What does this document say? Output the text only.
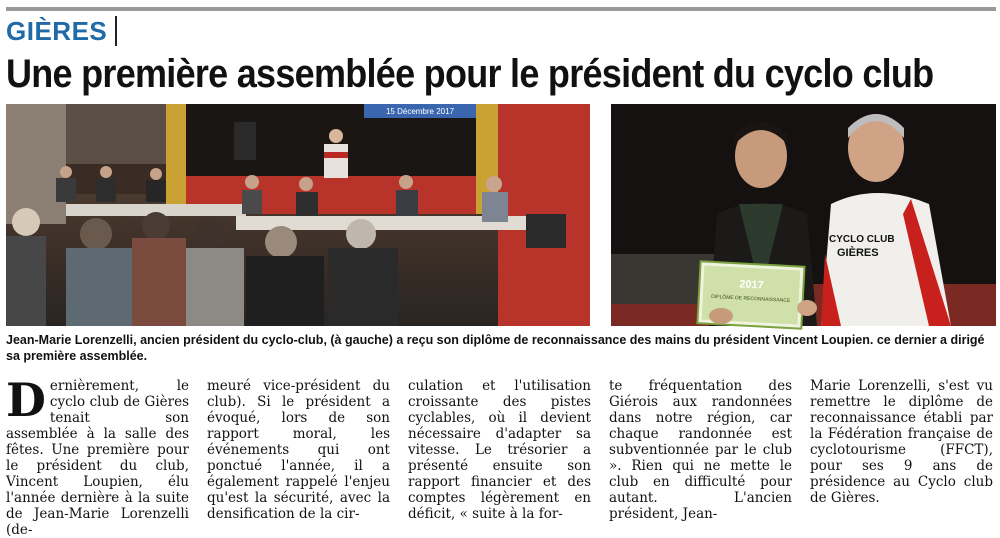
GIÈRES
Une première assemblée pour le président du cyclo club
15 Décembre 2017
CYCLO CLUB
GIÈRES
2017
DIPLÔME DE RECONNAISSANCE
Jean-Marie Lorenzelli, ancien président du cyclo-club, (à gauche) a reçu son diplôme de reconnaissance des mains du président Vincent Loupien. ce dernier a dirigé sa première assemblée.
Dernièrement, le cyclo club de Gières tenait son assemblée à la salle des fêtes. Une première pour le président du club, Vincent Loupien, élu l'année dernière à la suite de Jean-Marie Lorenzelli (de-
meuré vice-président du club). Si le président a évoqué, lors de son rapport moral, les événements qui ont ponctué l'année, il a également rappelé l'enjeu qu'est la sécurité, avec la densification de la cir-
culation et l'utilisation croissante des pistes cyclables, où il devient nécessaire d'adapter sa vitesse. Le trésorier a présenté ensuite son rapport financier et des comptes légèrement en déficit, « suite à la for-
te fréquentation des Giérois aux randonnées dans notre région, car chaque randonnée est subventionnée par le club ». Rien qui ne mette le club en difficulté pour autant. L'ancien président, Jean-
Marie Lorenzelli, s'est vu remettre le diplôme de reconnaissance établi par la Fédération française de cyclotourisme (FFCT), pour ses 9 ans de présidence au Cyclo club de Gières.
